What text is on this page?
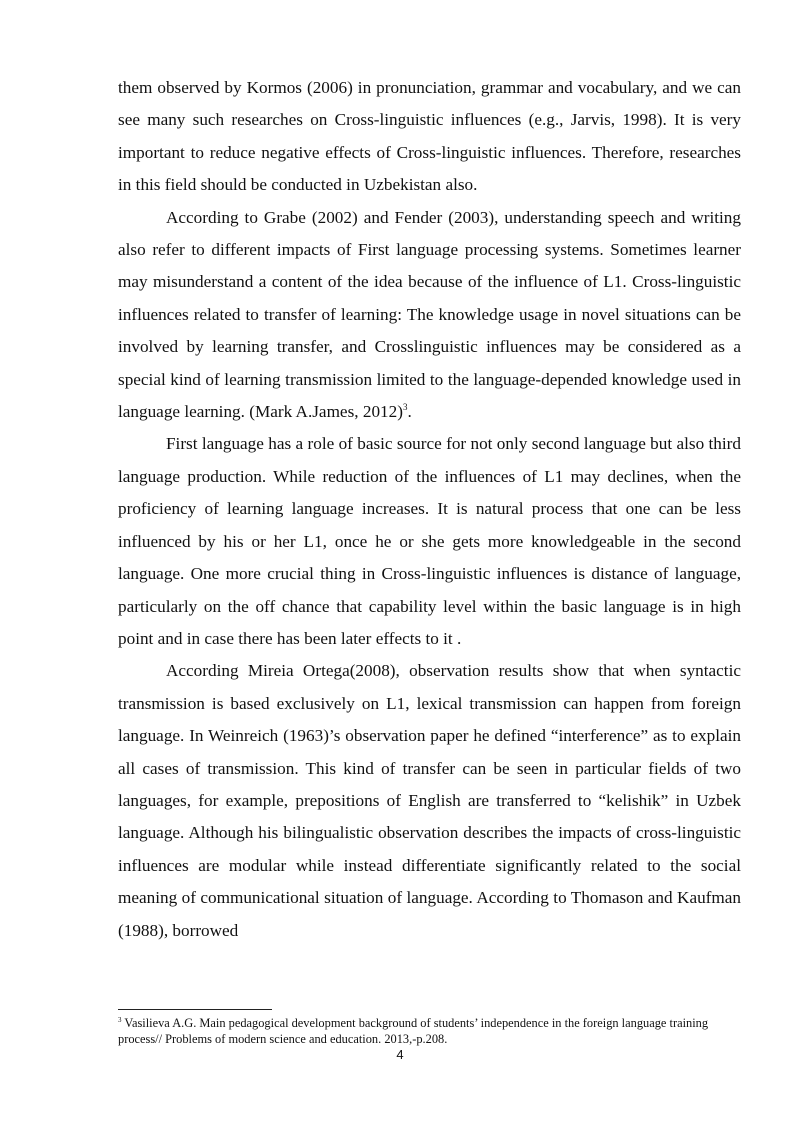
them observed by Kormos (2006) in pronunciation, grammar and vocabulary, and we can see many such researches on Cross-linguistic influences (e.g., Jarvis, 1998). It is very important to reduce negative effects of Cross-linguistic influences. Therefore, researches in this field should be conducted in Uzbekistan also.

According to Grabe (2002) and Fender (2003), understanding speech and writing also refer to different impacts of First language processing systems. Sometimes learner may misunderstand a content of the idea because of the influence of L1. Cross-linguistic influences related to transfer of learning: The knowledge usage in novel situations can be involved by learning transfer, and Crosslinguistic influences may be considered as a special kind of learning transmission limited to the language-depended knowledge used in language learning. (Mark A.James, 2012)$^3$.

First language has a role of basic source for not only second language but also third language production. While reduction of the influences of L1 may declines, when the proficiency of learning language increases. It is natural process that one can be less influenced by his or her L1, once he or she gets more knowledgeable in the second language. One more crucial thing in Cross-linguistic influences is distance of language, particularly on the off chance that capability level within the basic language is in high point and in case there has been later effects to it .

According Mireia Ortega(2008), observation results show that when syntactic transmission is based exclusively on L1, lexical transmission can happen from foreign language. In Weinreich (1963)’s observation paper he defined “interference” as to explain all cases of transmission. This kind of transfer can be seen in particular fields of two languages, for example, prepositions of English are transferred to “kelishik” in Uzbek language. Although his bilingualistic observation describes the impacts of cross-linguistic influences are modular while instead differentiate significantly related to the social meaning of communicational situation of language. According to Thomason and Kaufman (1988), borrowed

$^3$ Vasilieva A.G. Main pedagogical development background of students’ independence in the foreign language training process// Problems of modern science and education. 2013,-p.208.
4
